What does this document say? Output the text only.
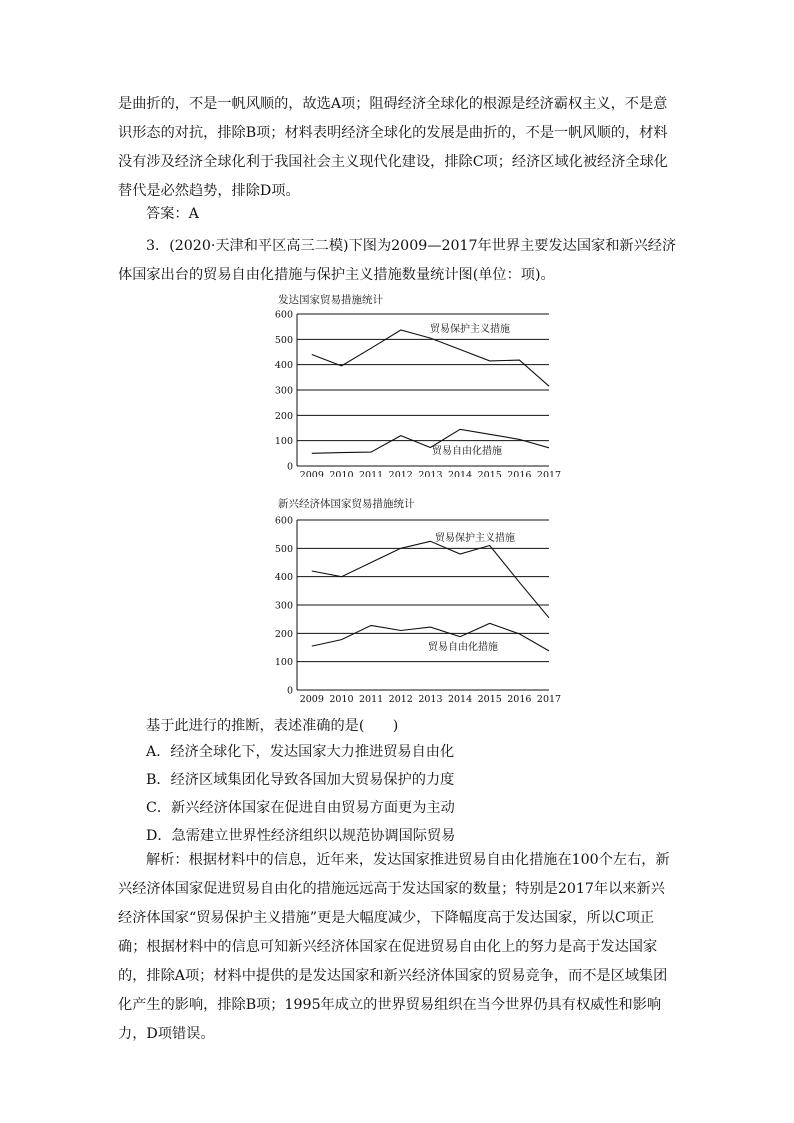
是曲折的，不是一帆风顺的，故选A项；阻碍经济全球化的根源是经济霸权主义，不是意识形态的对抗，排除B项；材料表明经济全球化的发展是曲折的，不是一帆风顺的，材料没有涉及经济全球化利于我国社会主义现代化建设，排除C项；经济区域化被经济全球化替代是必然趋势，排除D项。
答案：A
3．(2020·天津和平区高三二模)下图为2009—2017年世界主要发达国家和新兴经济体国家出台的贸易自由化措施与保护主义措施数量统计图(单位：项)。
发达国家贸易措施统计
0
100
200
300
400
500
600
2009 2010 2011 2012 2013 2014 2015 2016 2017
贸易保护主义措施
贸易自由化措施
新兴经济体国家贸易措施统计
0
100
200
300
400
500
600
2009 2010 2011 2012 2013 2014 2015 2016 2017
贸易保护主义措施
贸易自由化措施
基于此进行的推断，表述准确的是(　　)
A．经济全球化下，发达国家大力推进贸易自由化
B．经济区域集团化导致各国加大贸易保护的力度
C．新兴经济体国家在促进自由贸易方面更为主动
D．急需建立世界性经济组织以规范协调国际贸易
解析：根据材料中的信息，近年来，发达国家推进贸易自由化措施在100个左右，新兴经济体国家促进贸易自由化的措施远远高于发达国家的数量；特别是2017年以来新兴经济体国家“贸易保护主义措施”更是大幅度减少，下降幅度高于发达国家，所以C项正确；根据材料中的信息可知新兴经济体国家在促进贸易自由化上的努力是高于发达国家的，排除A项；材料中提供的是发达国家和新兴经济体国家的贸易竞争，而不是区域集团化产生的影响，排除B项；1995年成立的世界贸易组织在当今世界仍具有权威性和影响力，D项错误。
